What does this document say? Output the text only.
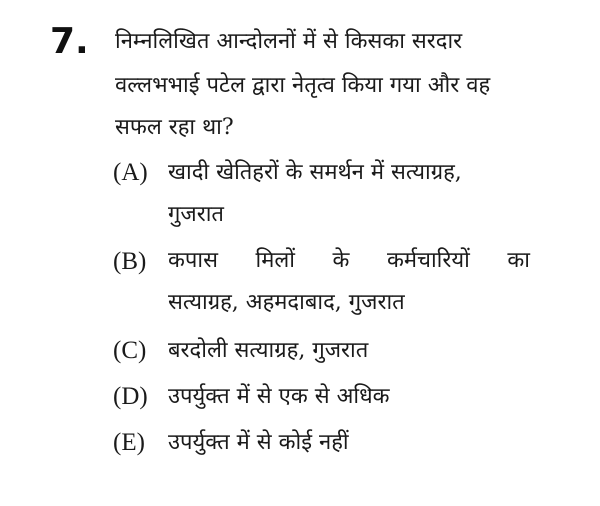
7. निम्नलिखित आन्दोलनों में से किसका सरदार
वल्लभभाई पटेल द्वारा नेतृत्व किया गया और वह
सफल रहा था?
(A) खादी खेतिहरों के समर्थन में सत्याग्रह,
गुजरात
(B) कपास मिलों के कर्मचारियों का
सत्याग्रह, अहमदाबाद, गुजरात
(C) बरदोली सत्याग्रह, गुजरात
(D) उपर्युक्त में से एक से अधिक
(E) उपर्युक्त में से कोई नहीं
